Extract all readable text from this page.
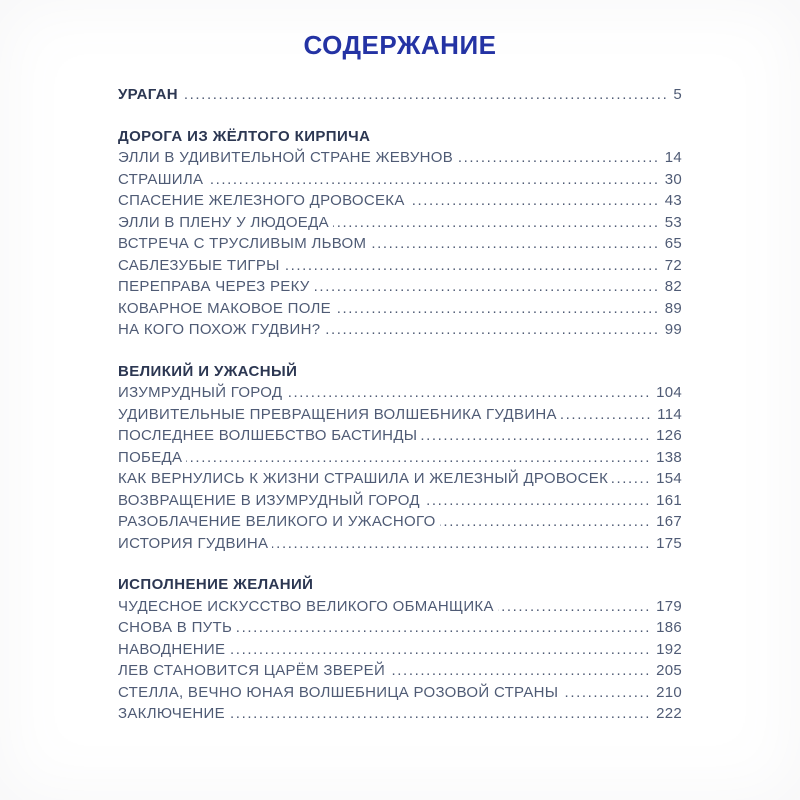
СОДЕРЖАНИЕ
УРАГАН .....	5
ДОРОГА ИЗ ЖЁЛТОГО КИРПИЧА
ЭЛЛИ В УДИВИТЕЛЬНОЙ СТРАНЕ ЖЕВУНОВ .....	14
СТРАШИЛА .....	30
СПАСЕНИЕ ЖЕЛЕЗНОГО ДРОВОСЕКА .....	43
ЭЛЛИ В ПЛЕНУ У ЛЮДОЕДА .....	53
ВСТРЕЧА С ТРУСЛИВЫМ ЛЬВОМ .....	65
САБЛЕЗУБЫЕ ТИГРЫ .....	72
ПЕРЕПРАВА ЧЕРЕЗ РЕКУ .....	82
КОВАРНОЕ МАКОВОЕ ПОЛЕ .....	89
НА КОГО ПОХОЖ ГУДВИН? .....	99
ВЕЛИКИЙ И УЖАСНЫЙ
ИЗУМРУДНЫЙ ГОРОД .....	104
УДИВИТЕЛЬНЫЕ ПРЕВРАЩЕНИЯ ВОЛШЕБНИКА ГУДВИНА .....	114
ПОСЛЕДНЕЕ ВОЛШЕБСТВО БАСТИНДЫ .....	126
ПОБЕДА .....	138
КАК ВЕРНУЛИСЬ К ЖИЗНИ СТРАШИЛА И ЖЕЛЕЗНЫЙ ДРОВОСЕК .....	154
ВОЗВРАЩЕНИЕ В ИЗУМРУДНЫЙ ГОРОД .....	161
РАЗОБЛАЧЕНИЕ ВЕЛИКОГО И УЖАСНОГО .....	167
ИСТОРИЯ ГУДВИНА .....	175
ИСПОЛНЕНИЕ ЖЕЛАНИЙ
ЧУДЕСНОЕ ИСКУССТВО ВЕЛИКОГО ОБМАНЩИКА .....	179
СНОВА В ПУТЬ .....	186
НАВОДНЕНИЕ .....	192
ЛЕВ СТАНОВИТСЯ ЦАРЁМ ЗВЕРЕЙ .....	205
СТЕЛЛА, ВЕЧНО ЮНАЯ ВОЛШЕБНИЦА РОЗОВОЙ СТРАНЫ .....	210
ЗАКЛЮЧЕНИЕ .....	222
